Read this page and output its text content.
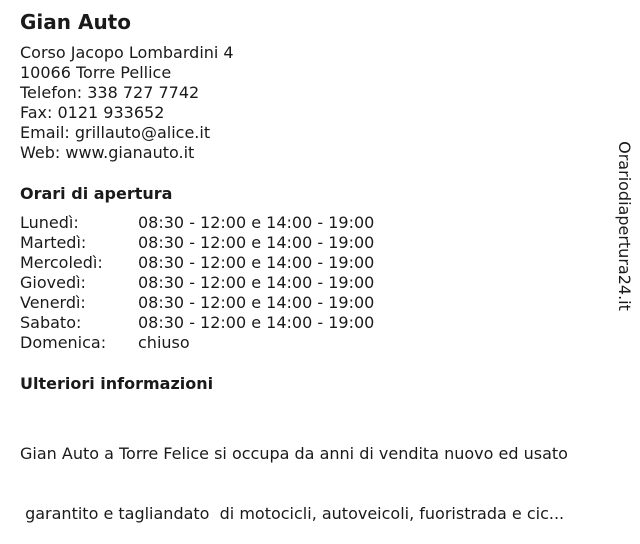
Gian Auto
Corso Jacopo Lombardini 4
10066 Torre Pellice
Telefon: 338 727 7742
Fax: 0121 933652
Email: grillauto@alice.it
Web: www.gianauto.it
Orari di apertura
Lunedì:	08:30 - 12:00 e 14:00 - 19:00
Martedì:	08:30 - 12:00 e 14:00 - 19:00
Mercoledì: 08:30 - 12:00 e 14:00 - 19:00
Giovedì:	08:30 - 12:00 e 14:00 - 19:00
Venerdì:	08:30 - 12:00 e 14:00 - 19:00
Sabato:	08:30 - 12:00 e 14:00 - 19:00
Domenica: chiuso
Ulteriori informazioni

Gian Auto a Torre Felice si occupa da anni di vendita nuovo ed usato

garantito e tagliandato  di motocicli, autoveicoli, fuoristrada e cic...

Orariodiapertura24.it
